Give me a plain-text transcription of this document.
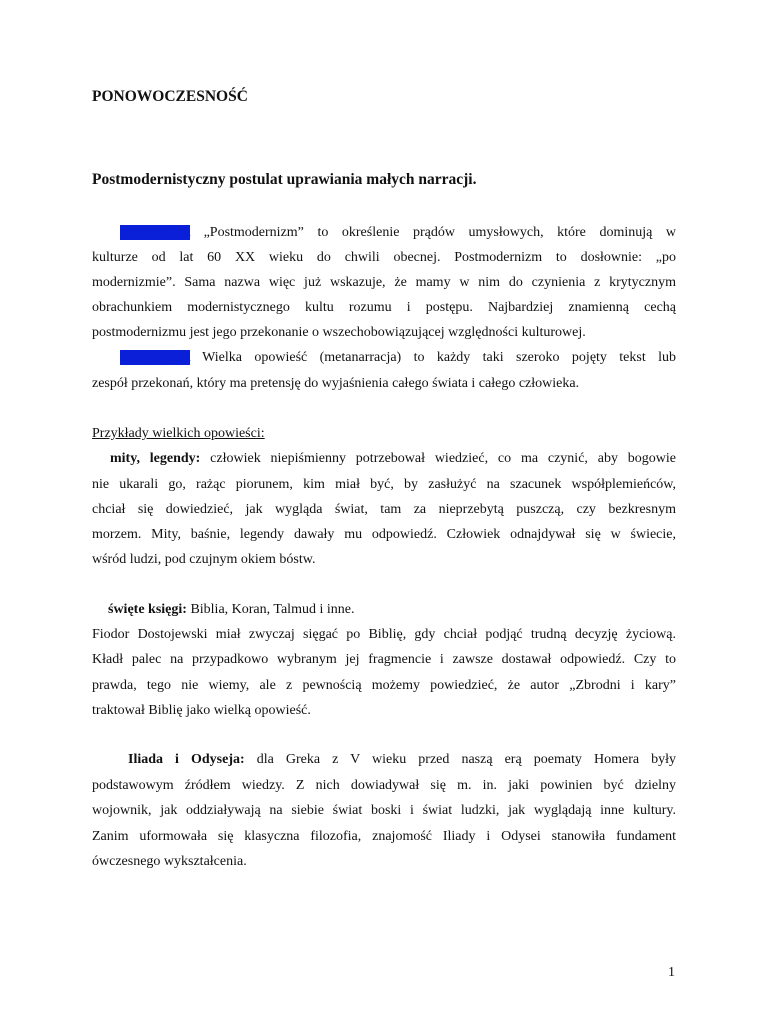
PONOWOCZESNOŚĆ
Postmodernistyczny postulat uprawiania małych narracji.
DEFINICJA „Postmodernizm” to określenie prądów umysłowych, które dominują w
kulturze od lat 60 XX wieku do chwili obecnej. Postmodernizm to dosłownie: „po
modernizmie”. Sama nazwa więc już wskazuje, że mamy w nim do czynienia z krytycznym
obrachunkiem modernistycznego kultu rozumu i postępu. Najbardziej znamienną cechą
postmodernizmu jest jego przekonanie o wszechobowiązującej względności kulturowej.
DEFINICJA Wielka opowieść (metanarracja) to każdy taki szeroko pojęty tekst lub
zespół przekonań, który ma pretensję do wyjaśnienia całego świata i całego człowieka.
Przykłady wielkich opowieści:
mity, legendy: człowiek niepiśmienny potrzebował wiedzieć, co ma czynić, aby bogowie
nie ukarali go, rażąc piorunem, kim miał być, by zasłużyć na szacunek współplemieńców,
chciał się dowiedzieć, jak wygląda świat, tam za nieprzebytą puszczą, czy bezkresnym
morzem. Mity, baśnie, legendy dawały mu odpowiedź. Człowiek odnajdywał się w świecie,
wśród ludzi, pod czujnym okiem bóstw.
święte księgi: Biblia, Koran, Talmud i inne.
Fiodor Dostojewski miał zwyczaj sięgać po Biblię, gdy chciał podjąć trudną decyzję życiową.
Kładł palec na przypadkowo wybranym jej fragmencie i zawsze dostawał odpowiedź. Czy to
prawda, tego nie wiemy, ale z pewnością możemy powiedzieć, że autor „Zbrodni i kary”
traktował Biblię jako wielką opowieść.
Iliada i Odyseja: dla Greka z V wieku przed naszą erą poematy Homera były
podstawowym źródłem wiedzy. Z nich dowiadywał się m. in. jaki powinien być dzielny
wojownik, jak oddziaływają na siebie świat boski i świat ludzki, jak wyglądają inne kultury.
Zanim uformowała się klasyczna filozofia, znajomość Iliady i Odysei stanowiła fundament
ówczesnego wykształcenia.
1
